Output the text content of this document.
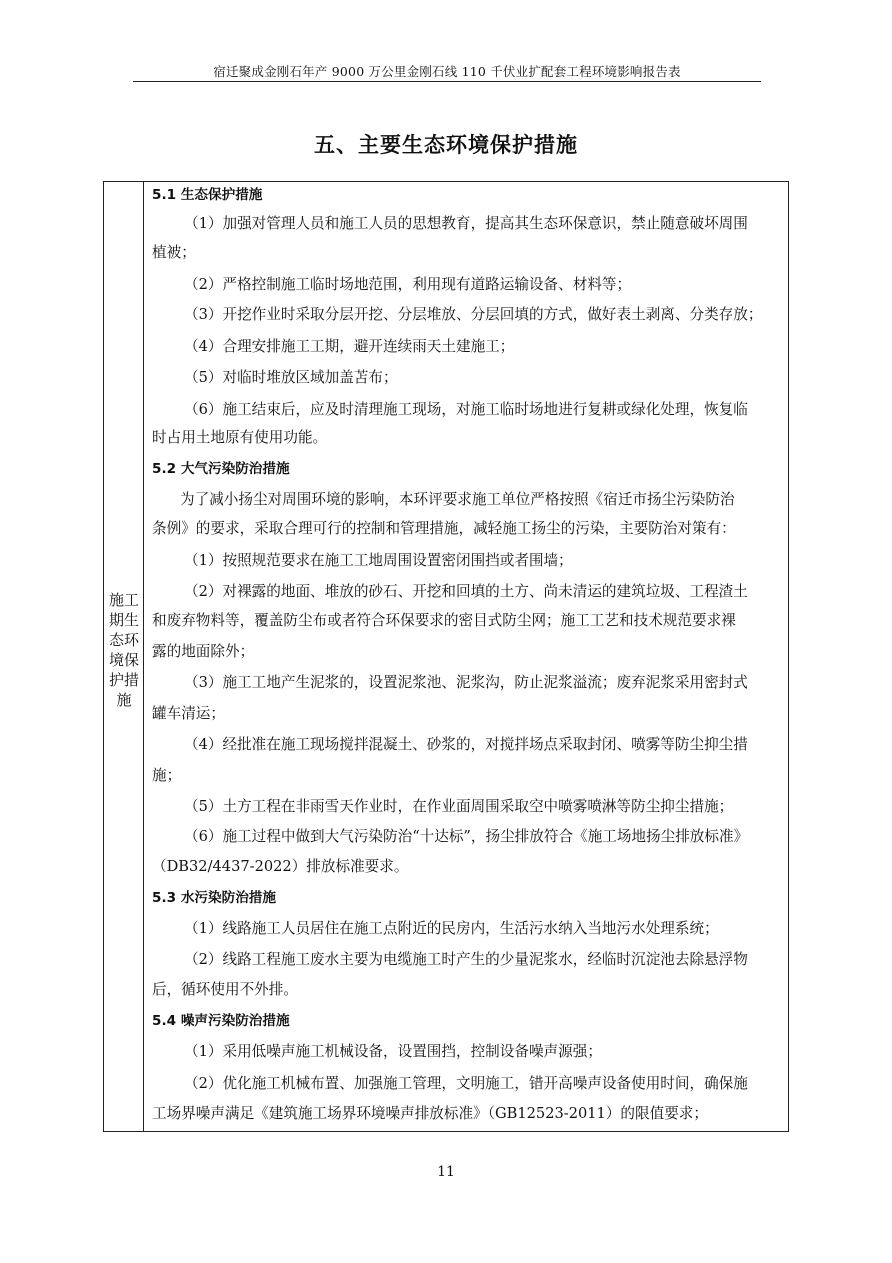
宿迁聚成金刚石年产 9000 万公里金刚石线 110 千伏业扩配套工程环境影响报告表
五、主要生态环境保护措施
施工
期生
态环
境保
护措
施
5.1 生态保护措施
（1）加强对管理人员和施工人员的思想教育，提高其生态环保意识，禁止随意破坏周围
植被；
（2）严格控制施工临时场地范围，利用现有道路运输设备、材料等；
（3）开挖作业时采取分层开挖、分层堆放、分层回填的方式，做好表土剥离、分类存放；
（4）合理安排施工工期，避开连续雨天土建施工；
（5）对临时堆放区域加盖苫布；
（6）施工结束后，应及时清理施工现场，对施工临时场地进行复耕或绿化处理，恢复临
时占用土地原有使用功能。
5.2 大气污染防治措施
为了减小扬尘对周围环境的影响，本环评要求施工单位严格按照《宿迁市扬尘污染防治
条例》的要求，采取合理可行的控制和管理措施，减轻施工扬尘的污染，主要防治对策有：
（1）按照规范要求在施工工地周围设置密闭围挡或者围墙；
（2）对裸露的地面、堆放的砂石、开挖和回填的土方、尚未清运的建筑垃圾、工程渣土
和废弃物料等，覆盖防尘布或者符合环保要求的密目式防尘网；施工工艺和技术规范要求裸
露的地面除外；
（3）施工工地产生泥浆的，设置泥浆池、泥浆沟，防止泥浆溢流；废弃泥浆采用密封式
罐车清运；
（4）经批准在施工现场搅拌混凝土、砂浆的，对搅拌场点采取封闭、喷雾等防尘抑尘措
施；
（5）土方工程在非雨雪天作业时，在作业面周围采取空中喷雾喷淋等防尘抑尘措施；
（6）施工过程中做到大气污染防治“十达标”，扬尘排放符合《施工场地扬尘排放标准》
（DB32/4437-2022）排放标准要求。
5.3 水污染防治措施
（1）线路施工人员居住在施工点附近的民房内，生活污水纳入当地污水处理系统；
（2）线路工程施工废水主要为电缆施工时产生的少量泥浆水，经临时沉淀池去除悬浮物
后，循环使用不外排。
5.4 噪声污染防治措施
（1）采用低噪声施工机械设备，设置围挡，控制设备噪声源强；
（2）优化施工机械布置、加强施工管理，文明施工，错开高噪声设备使用时间，确保施
工场界噪声满足《建筑施工场界环境噪声排放标准》（GB12523-2011）的限值要求；
11
